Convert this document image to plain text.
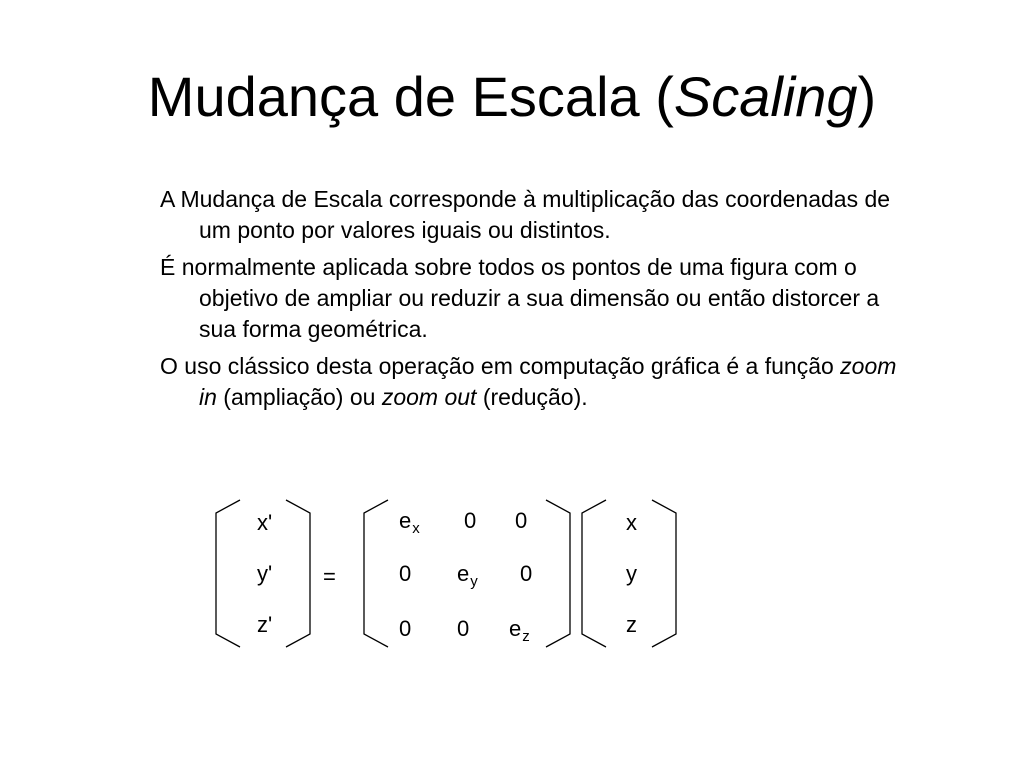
Mudança de Escala (Scaling)

A Mudança de Escala corresponde à multiplicação das coordenadas de um ponto por valores iguais ou distintos.

É normalmente aplicada sobre todos os pontos de uma figura com o objetivo de ampliar ou reduzir a sua dimensão ou então distorcer a sua forma geométrica.

O uso clássico desta operação em computação gráfica é a função zoom in (ampliação) ou zoom out (redução).

x'
y'
z'
=
$e_x$ 0 0
0 $e_y$ 0
0 0 $e_z$
x
y
z
